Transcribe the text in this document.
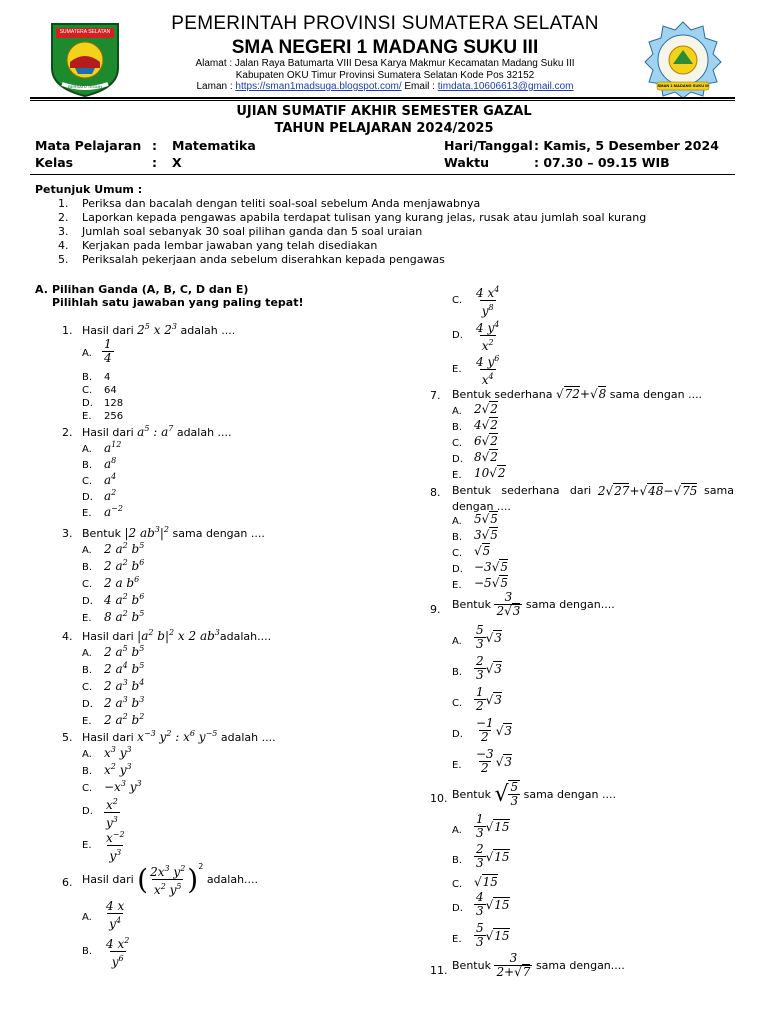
SUMATERA SELATAN
BERSATU TEGUH	SMAN 1 MADANG SUKU III
PEMERINTAH PROVINSI SUMATERA SELATAN
SMA NEGERI 1 MADANG SUKU III
Alamat : Jalan Raya Batumarta VIII Desa Karya Makmur Kecamatan Madang Suku III
Kabupaten OKU Timur Provinsi Sumatera Selatan Kode Pos 32152
Laman : https://sman1madsuga.blogspot.com/ Email : timdata.10606613@gmail.com
UJIAN SUMATIF AKHIR SEMESTER GAZAL
TAHUN PELAJARAN 2024/2025
Mata Pelajaran : Matematika
Kelas	: X
Hari/Tanggal : Kamis, 5 Desember 2024
Waktu	: 07.30 – 09.15 WIB
Petunjuk Umum :
1. Periksa dan bacalah dengan teliti soal-soal sebelum Anda menjawabnya
2. Laporkan kepada pengawas apabila terdapat tulisan yang kurang jelas, rusak atau jumlah soal kurang
3. Jumlah soal sebanyak 30 soal pilihan ganda dan 5 soal uraian
4. Kerjakan pada lembar jawaban yang telah disediakan
5. Periksalah pekerjaan anda sebelum diserahkan kepada pengawas
A. Pilihan Ganda (A, B, C, D dan E)
Pilihlah satu jawaban yang paling tepat!
1. Hasil dari $2^5$ x $2^3$ adalah ....
A. $\frac{1}{4}$
B. 4
C. 64
D. 128
E. 256
2. Hasil dari $a^5$ : $a^7$ adalah ....
A. $a^{12}$
B. $a^8$
C. $a^4$
D. $a^2$
E. $a^{-2}$
3. Bentuk |2 $ab^3|^2$ sama dengan ....
A. 2 $a^2$ $b^5$
B. 2 $a^2$ $b^6$
C. 2 a $b^6$
D. 4 $a^2$ $b^6$
E. 8 $a^2$ $b^5$
4. Hasil dari $|a^2$ $b|^2$ x 2 $ab^3adalah$....
A. 2 $a^5$ $b^5$
B. 2 $a^4$ $b^5$
C. 2 $a^3$ $b^4$
D. 2 $a^3$ $b^3$
E. 2 $a^2$ $b^2$
5. Hasil dari $x^{-3}$ $y^2$ : $x^6$ $y^{-5}$ adalah ....
A. $x^3$ $y^3$
B. $x^2$ $y^3$
C. $-x^3$ $y^3$
D. $\frac{x^2}{y^3}$
E. $\frac{x^{-2}}{y^3}$
6. Hasil dari
( $\frac{2x^3 y^2}{x^2 y^5} )^2$

adalah....
A. $\frac{4 x}{y^4}$
B. $\frac{4 x^2}{y^6}$
C. $\frac{4 x^4}{y^8}$
D. $\frac{4 y^4}{x^2}$
E. $\frac{4 y^6}{x^4}$
7. Bentuk sederhana √72+√8 sama dengan ....
A. 2√2
B. 4√2
C. 6√2
D. 8√2
E. 10√2
8. Bentuk   sederhana   dari 2√27+√48−√75 sama
dengan ....
A. 5√5
B. 3√5
C. √5
D. −3√5
E. −5√5
9. Bentuk
$\frac{3}{2√3}$
sama dengan....
A. $\frac{5}{3} √3$
B. $\frac{2}{3} √3$
C. $\frac{1}{2} √3$
D. $\frac{-1}{2} √3$
E. $\frac{-3}{2} √3$
10. Bentuk
√ $\frac{5}{3}$
sama dengan ....
A. $\frac{1}{3} √15$
B. $\frac{2}{3} √15$
C. √15
D. $\frac{4}{3} √15$
E. $\frac{5}{3} √15$
11. Bentuk
$\frac{3}{2+√7}$
sama dengan....
